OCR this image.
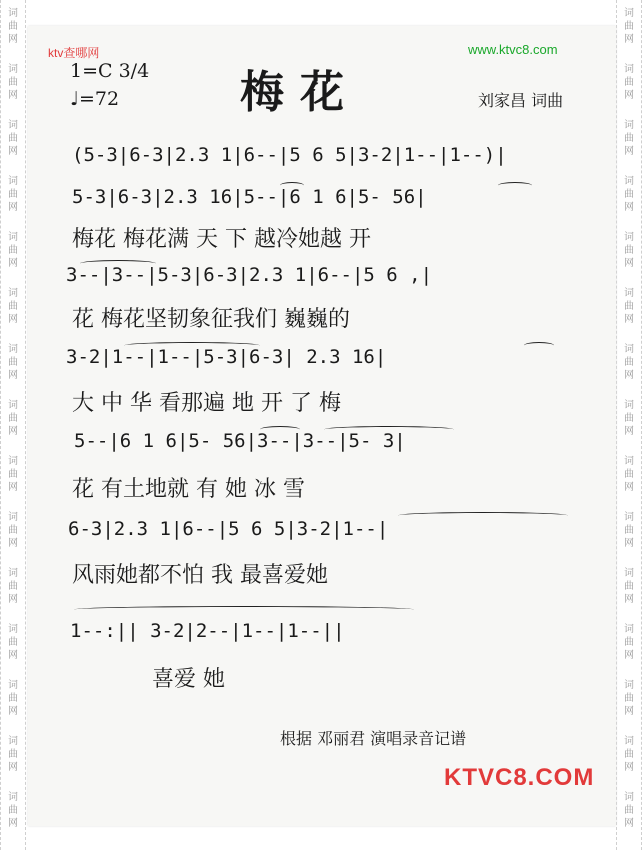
词
曲
网
词
曲
网
词
曲
网
词
曲
网
词
曲
网
词
曲
网
词
曲
网
词
曲
网
词
曲
网
词
曲
网
词
曲
网
词
曲
网
词
曲
网
词
曲
网
词
曲
网
词
曲
网
词
曲
网
词
曲
网
词
曲
网
词
曲
网
词
曲
网
词
曲
网
词
曲
网
词
曲
网
词
曲
网
词
曲
网
词
曲
网
词
曲
网
词
曲
网
词
曲
网
ktv查哪网	www.ktvc8.com
1=C 3/4
♩=72	梅花	刘家昌 词曲
(5-3|6-3|2.3 1|6--|5 6 5|3-2|1--|1--)|
5-3|6-3|2.3 16|5--|6 1 6|5- 56|
梅花 梅花满 天 下 越冷她越 开
3--|3--|5-3|6-3|2.3 1|6--|5 6 ,|
花 梅花坚韧象征我们 巍巍的
3-2|1--|1--|5-3|6-3| 2.3 16|
大 中 华 看那遍 地 开 了 梅
5--|6 1 6|5- 56|3--|3--|5- 3|
花 有土地就 有 她 冰 雪
6-3|2.3 1|6--|5 6 5|3-2|1--|
风雨她都不怕 我 最喜爱她
1--:|| 3-2|2--|1--|1--||
喜爱 她
根据 邓丽君 演唱录音记谱
KTVC8.COM
